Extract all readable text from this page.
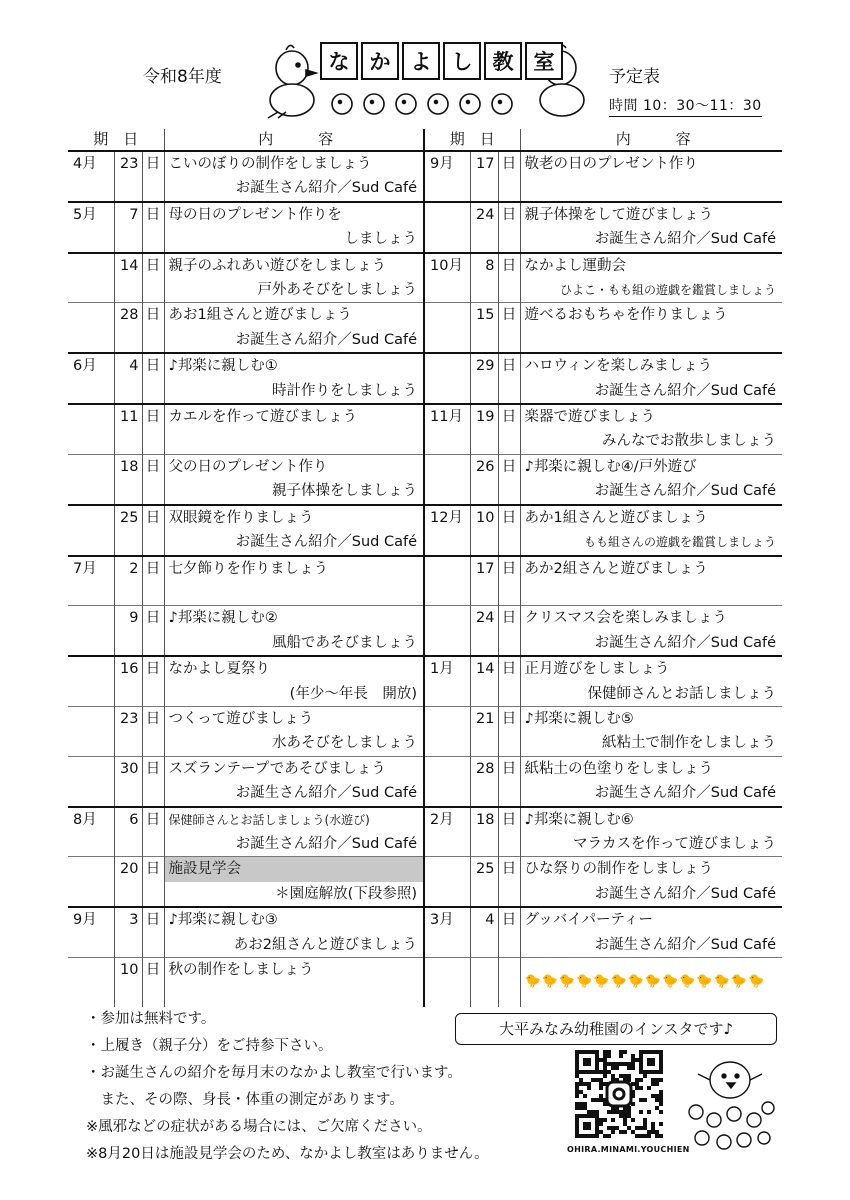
令和8年度
な か よ し 教 室
予定表
時間 10：30～11：30
期　日			内　　　容	期　日			内　　　容
4月	23	日	こいのぼりの制作をしましょう	9月	17	日	敬老の日のプレゼント作り
			お誕生さん紹介／Sud Café				
5月	7	日	母の日のプレゼント作りを		24	日	親子体操をして遊びましょう
			しましょう				お誕生さん紹介／Sud Café
	14	日	親子のふれあい遊びをしましょう	10月	8	日	なかよし運動会
			戸外あそびをしましょう				ひよこ・もも組の遊戯を鑑賞しましょう
	28	日	あお1組さんと遊びましょう		15	日	遊べるおもちゃを作りましょう
			お誕生さん紹介／Sud Café				
6月	4	日	♪邦楽に親しむ①		29	日	ハロウィンを楽しみましょう
			時計作りをしましょう				お誕生さん紹介／Sud Café
	11	日	カエルを作って遊びましょう	11月	19	日	楽器で遊びましょう
							みんなでお散歩しましょう
	18	日	父の日のプレゼント作り		26	日	♪邦楽に親しむ④/戸外遊び
			親子体操をしましょう				お誕生さん紹介／Sud Café
	25	日	双眼鏡を作りましょう	12月	10	日	あか1組さんと遊びましょう
			お誕生さん紹介／Sud Café				もも組さんの遊戯を鑑賞しましょう
7月	2	日	七夕飾りを作りましょう		17	日	あか2組さんと遊びましょう

	9	日	♪邦楽に親しむ②		24	日	クリスマス会を楽しみましょう
			風船であそびましょう				お誕生さん紹介／Sud Café
	16	日	なかよし夏祭り	1月	14	日	正月遊びをしましょう
			(年少～年長　開放)				保健師さんとお話しましょう
	23	日	つくって遊びましょう		21	日	♪邦楽に親しむ⑤
			水あそびをしましょう				紙粘土で制作をしましょう
	30	日	スズランテープであそびましょう		28	日	紙粘土の色塗りをしましょう
			お誕生さん紹介／Sud Café				お誕生さん紹介／Sud Café
8月	6	日	保健師さんとお話しましょう(水遊び)	2月	18	日	♪邦楽に親しむ⑥
			お誕生さん紹介／Sud Café				マラカスを作って遊びましょう
	20	日	施設見学会		25	日	ひな祭りの制作をしましょう
			＊園庭解放(下段参照)				お誕生さん紹介／Sud Café
9月	3	日	♪邦楽に親しむ③	3月	4	日	グッバイパーティー
			あお2組さんと遊びましょう				お誕生さん紹介／Sud Café
	10	日	秋の制作をしましょう				🐤🐤🐤🐤🐤🐤🐤🐤🐤🐤🐤🐤🐤🐤

・参加は無料です。
・上履き（親子分）をご持参下さい。
・お誕生さんの紹介を毎月末のなかよし教室で行います。
　また、その際、身長・体重の測定があります。
※風邪などの症状がある場合には、ご欠席ください。
※8月20日は施設見学会のため、なかよし教室はありません。
大平みなみ幼稚園のインスタです♪
OHIRA.MINAMI.YOUCHIEN
